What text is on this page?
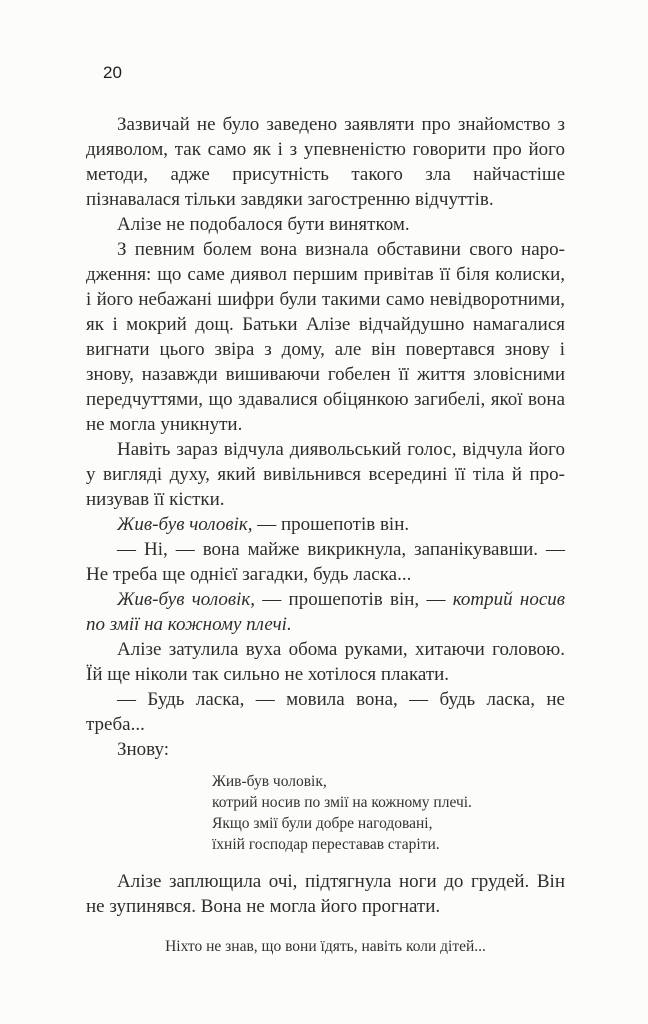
20

Зазвичай не було заведено заявляти про знайомство з дияволом, так само як і з упевненістю говорити про його методи, адже присутність такого зла найчастіше пізнавалася тільки завдяки загостренню відчуттів.

Алізе не подобалося бути винятком.

З певним болем вона визнала обставини свого народження: що саме диявол першим привітав її біля колиски, і його небажані шифри були такими само невідворотними, як і мокрий дощ. Батьки Алізе відчайдушно намагалися вигнати цього звіра з дому, але він повертався знову і знову, назавжди вишиваючи гобелен її життя зловісними передчуттями, що здавалися обіцянкою загибелі, якої вона не могла уникнути.

Навіть зараз відчула диявольський голос, відчула його у вигляді духу, який вивільнився всередині її тіла й пронизував її кістки.

Жив-був чоловік, — прошепотів він.

— Ні, — вона майже викрикнула, запанікувавши. — Не треба ще однієї загадки, будь ласка...

Жив-був чоловік, — прошепотів він, — котрий носив по змії на кожному плечі.

Алізе затулила вуха обома руками, хитаючи головою. Їй ще ніколи так сильно не хотілося плакати.

— Будь ласка, — мовила вона, — будь ласка, не треба...

Знову:

Жив-був чоловік,
котрий носив по змії на кожному плечі.
Якщо змії були добре нагодовані,
їхній господар переставав старіти.

Алізе заплющила очі, підтягнула ноги до грудей. Він не зупинявся. Вона не могла його прогнати.

Ніхто не знав, що вони їдять, навіть коли дітей...
